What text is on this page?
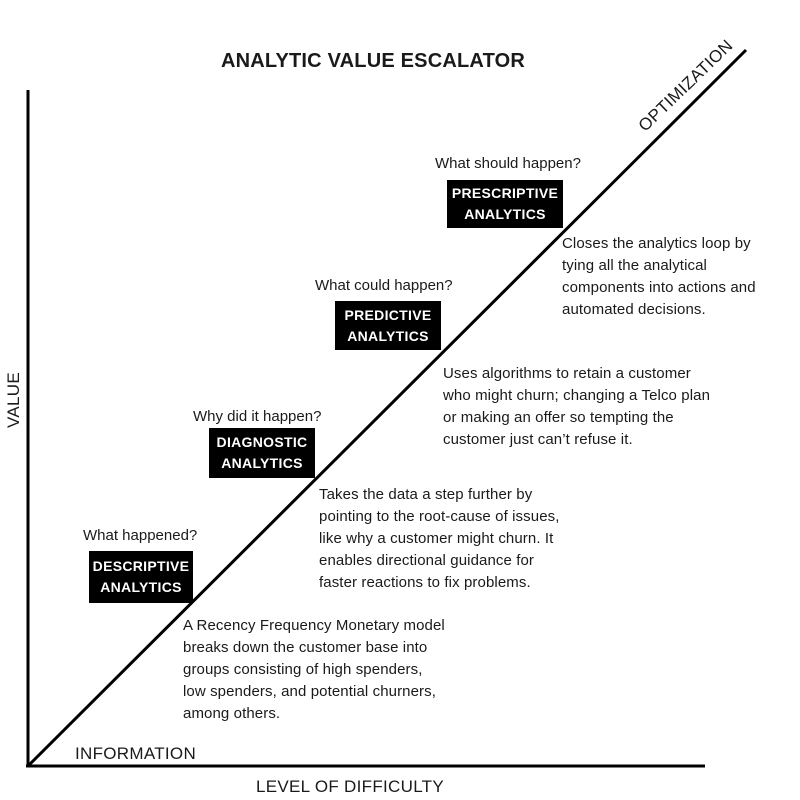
ANALYTIC VALUE ESCALATOR
VALUE
LEVEL OF DIFFICULTY
INFORMATION
OPTIMIZATION
What happened?
DESCRIPTIVE
ANALYTICS
A Recency Frequency Monetary model
breaks down the customer base into
groups consisting of high spenders,
low spenders, and potential churners,
among others.
Why did it happen?
DIAGNOSTIC
ANALYTICS
Takes the data a step further by
pointing to the root-cause of issues,
like why a customer might churn. It
enables directional guidance for
faster reactions to fix problems.
What could happen?
PREDICTIVE
ANALYTICS
Uses algorithms to retain a customer
who might churn; changing a Telco plan
or making an offer so tempting the
customer just can’t refuse it.
What should happen?
PRESCRIPTIVE
ANALYTICS
Closes the analytics loop by
tying all the analytical
components into actions and
automated decisions.
